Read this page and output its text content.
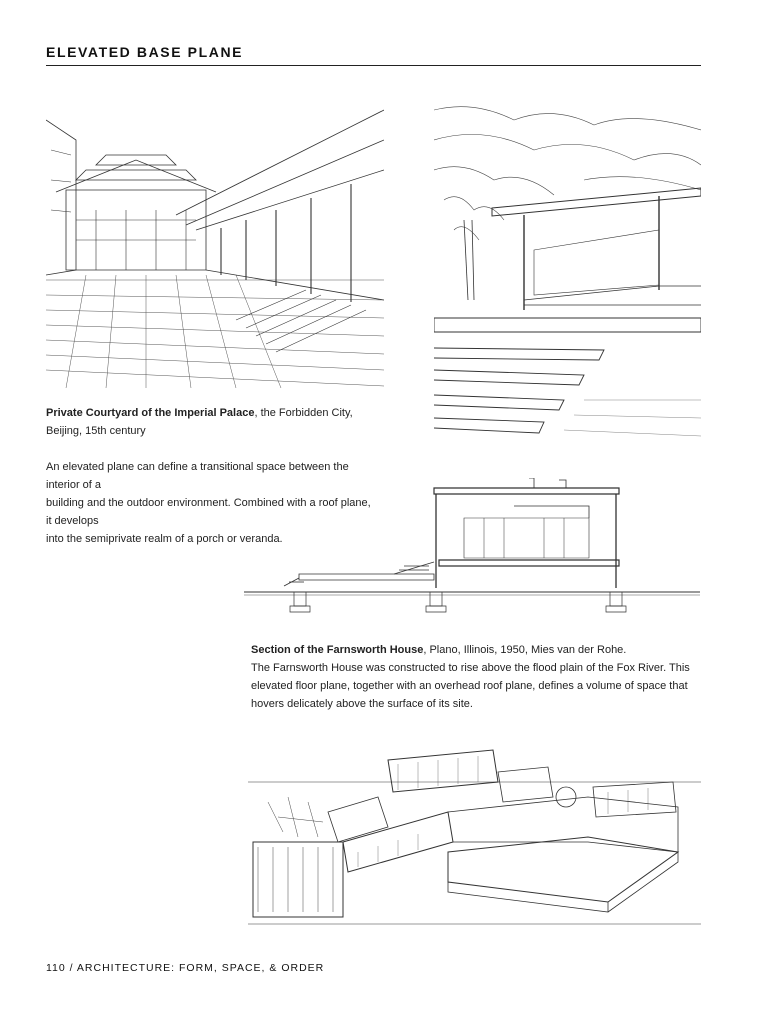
ELEVATED BASE PLANE
Private Courtyard of the Imperial Palace, the Forbidden City,
Beijing, 15th century
An elevated plane can define a transitional space between the interior of a
building and the outdoor environment. Combined with a roof plane, it develops
into the semiprivate realm of a porch or veranda.
Section of the Farnsworth House, Plano, Illinois, 1950, Mies van der Rohe.
The Farnsworth House was constructed to rise above the flood plain of the Fox River. This
elevated floor plane, together with an overhead roof plane, defines a volume of space that
hovers delicately above the surface of its site.
110 / ARCHITECTURE: FORM, SPACE, & ORDER
